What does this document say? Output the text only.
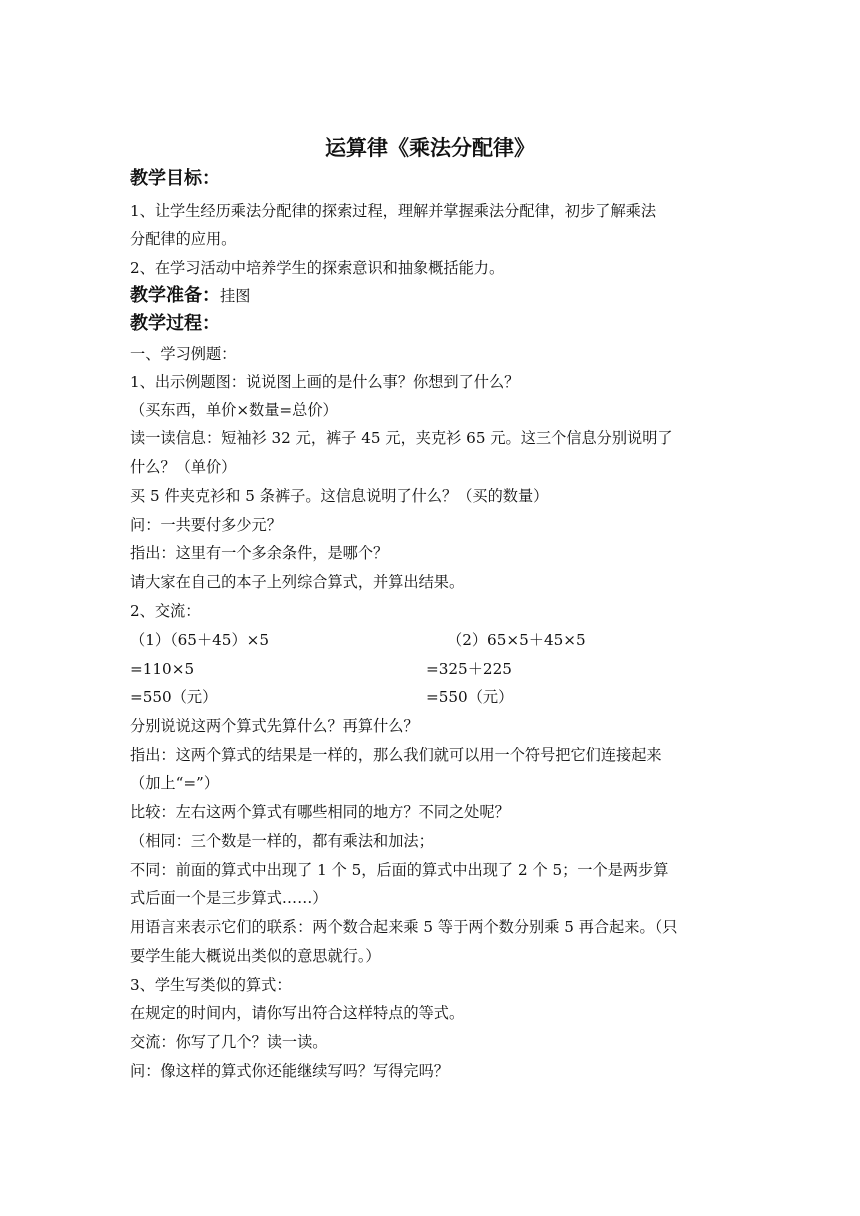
运算律《乘法分配律》
教学目标：
1、让学生经历乘法分配律的探索过程，理解并掌握乘法分配律，初步了解乘法
分配律的应用。
2、在学习活动中培养学生的探索意识和抽象概括能力。
教学准备：挂图
教学过程：
一、学习例题：
1、出示例题图：说说图上画的是什么事？你想到了什么？
（买东西，单价×数量=总价）
读一读信息：短袖衫 32 元，裤子 45 元，夹克衫 65 元。这三个信息分别说明了
什么？（单价）
买 5 件夹克衫和 5 条裤子。这信息说明了什么？（买的数量）
问：一共要付多少元？
指出：这里有一个多余条件，是哪个？
请大家在自己的本子上列综合算式，并算出结果。
2、交流：
（1）（65＋45）×5	（2）65×5＋45×5
=110×5	=325＋225
=550（元）	=550（元）
分别说说这两个算式先算什么？再算什么？
指出：这两个算式的结果是一样的，那么我们就可以用一个符号把它们连接起来
（加上“=”）
比较：左右这两个算式有哪些相同的地方？不同之处呢？
（相同：三个数是一样的，都有乘法和加法；
不同：前面的算式中出现了 1 个 5，后面的算式中出现了 2 个 5；一个是两步算
式后面一个是三步算式……）
用语言来表示它们的联系：两个数合起来乘 5 等于两个数分别乘 5 再合起来。（只
要学生能大概说出类似的意思就行。）
3、学生写类似的算式：
在规定的时间内，请你写出符合这样特点的等式。
交流：你写了几个？读一读。
问：像这样的算式你还能继续写吗？写得完吗？
